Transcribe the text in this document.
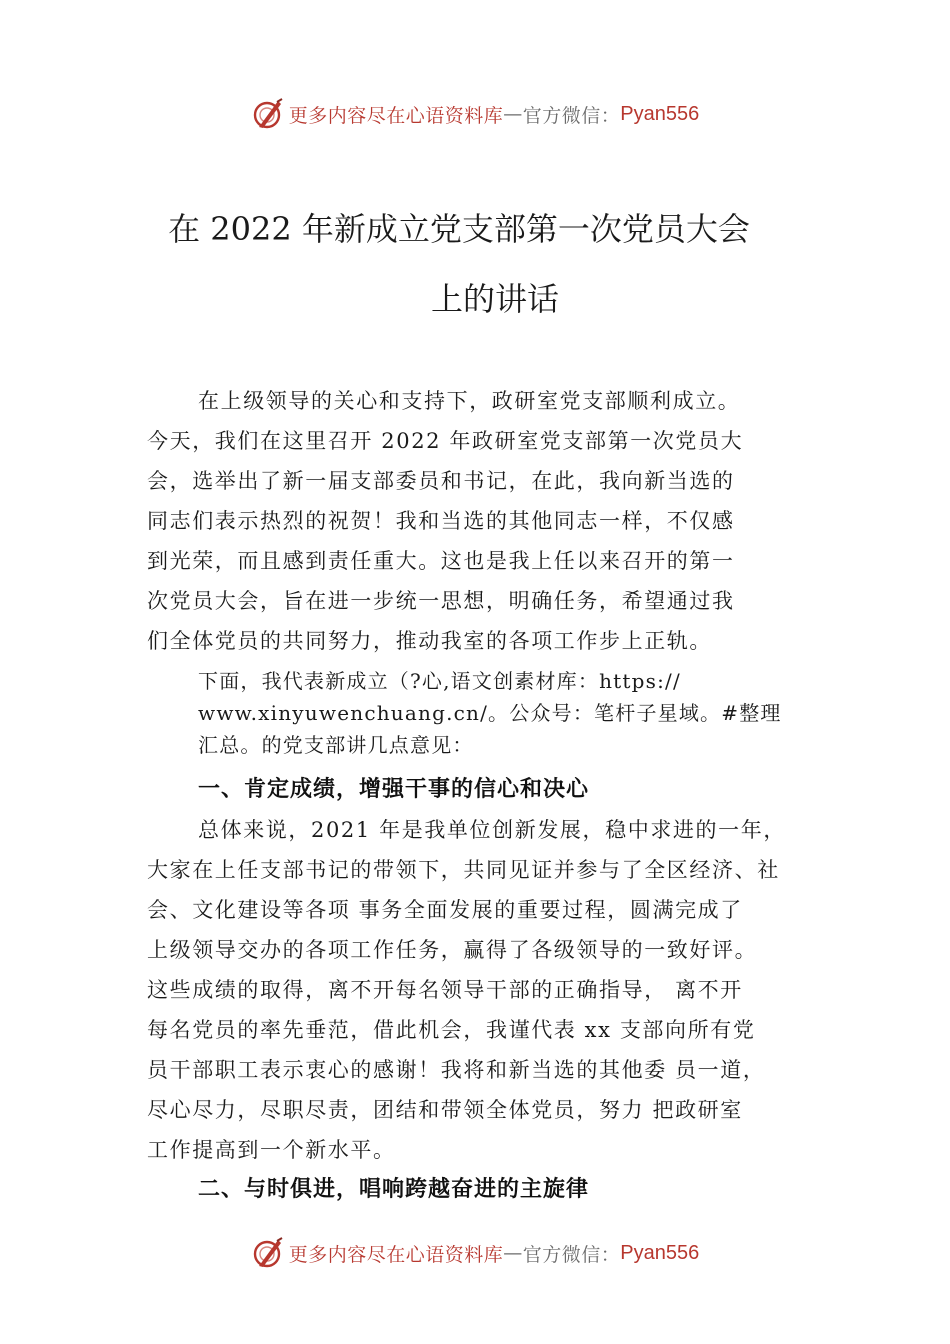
更多内容尽在心语资料库 — 官方微信： Pyan556
在 2022 年新成立党支部第一次党员大会
上的讲话
在上级领导的关心和支持下，政研室党支部顺利成立。
今天，我们在这里召开 2022 年政研室党支部第一次党员大
会，选举出了新一届支部委员和书记，在此，我向新当选的
同志们表示热烈的祝贺！我和当选的其他同志一样，不仅感
到光荣，而且感到责任重大。这也是我上任以来召开的第一
次党员大会，旨在进一步统一思想，明确任务，希望通过我
们全体党员的共同努力，推动我室的各项工作步上正轨。
下面，我代表新成立（?心,语文创素材库：https://
www.xinyuwenchuang.cn/。公众号：笔杆子星域。#整理
汇总。的党支部讲几点意见：
一、肯定成绩，增强干事的信心和决心
总体来说，2021 年是我单位创新发展，稳中求进的一年，
大家在上任支部书记的带领下，共同见证并参与了全区经济、社
会、文化建设等各项 事务全面发展的重要过程，圆满完成了
上级领导交办的各项工作任务，赢得了各级领导的一致好评。
这些成绩的取得，离不开每名领导干部的正确指导， 离不开
每名党员的率先垂范，借此机会，我谨代表 xx 支部向所有党
员干部职工表示衷心的感谢！我将和新当选的其他委 员一道，
尽心尽力，尽职尽责，团结和带领全体党员，努力 把政研室
工作提高到一个新水平。
二、与时俱进，唱响跨越奋进的主旋律
更多内容尽在心语资料库 — 官方微信： Pyan556
